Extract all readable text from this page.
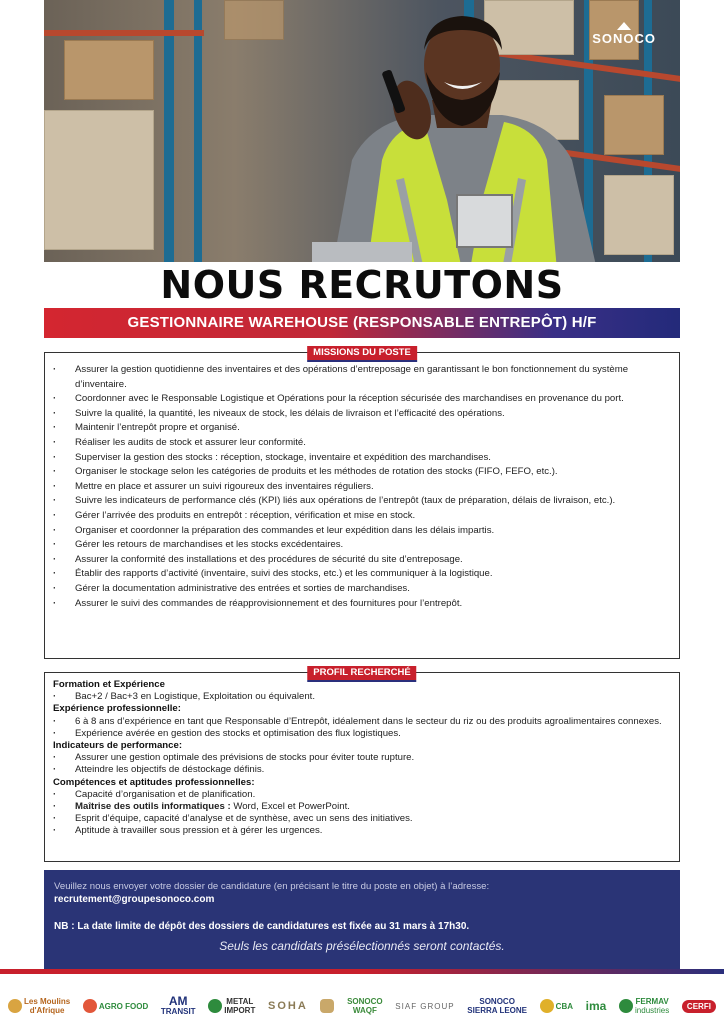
SONOCO
NOUS RECRUTONS
GESTIONNAIRE WAREHOUSE (RESPONSABLE ENTREPÔT) H/F
MISSIONS DU POSTE
· Assurer la gestion quotidienne des inventaires et des opérations d’entreposage en garantissant le bon fonctionnement du système d’inventaire.
· Coordonner avec le Responsable Logistique et Opérations pour la réception sécurisée des marchandises en provenance du port.
· Suivre la qualité, la quantité, les niveaux de stock, les délais de livraison et l’efficacité des opérations.
· Maintenir l’entrepôt propre et organisé.
· Réaliser les audits de stock et assurer leur conformité.
· Superviser la gestion des stocks : réception, stockage, inventaire et expédition des marchandises.
· Organiser le stockage selon les catégories de produits et les méthodes de rotation des stocks (FIFO, FEFO, etc.).
· Mettre en place et assurer un suivi rigoureux des inventaires réguliers.
· Suivre les indicateurs de performance clés (KPI) liés aux opérations de l’entrepôt (taux de préparation, délais de livraison, etc.).
· Gérer l’arrivée des produits en entrepôt : réception, vérification et mise en stock.
· Organiser et coordonner la préparation des commandes et leur expédition dans les délais impartis.
· Gérer les retours de marchandises et les stocks excédentaires.
· Assurer la conformité des installations et des procédures de sécurité du site d’entreposage.
· Établir des rapports d’activité (inventaire, suivi des stocks, etc.) et les communiquer à la logistique.
· Gérer la documentation administrative des entrées et sorties de marchandises.
· Assurer le suivi des commandes de réapprovisionnement et des fournitures pour l’entrepôt.
PROFIL RECHERCHÉ
Formation et Expérience
· Bac+2 / Bac+3 en Logistique, Exploitation ou équivalent.
Expérience professionnelle:
· 6 à 8 ans d’expérience en tant que Responsable d’Entrepôt, idéalement dans le secteur du riz ou des produits agroalimentaires connexes.
· Expérience avérée en gestion des stocks et optimisation des flux logistiques.
Indicateurs de performance:
· Assurer une gestion optimale des prévisions de stocks pour éviter toute rupture.
· Atteindre les objectifs de déstockage définis.
Compétences et aptitudes professionnelles:
· Capacité d’organisation et de planification.
· Maîtrise des outils informatiques : Word, Excel et PowerPoint.
· Esprit d’équipe, capacité d’analyse et de synthèse, avec un sens des initiatives.
· Aptitude à travailler sous pression et à gérer les urgences.
Veuillez nous envoyer votre dossier de candidature (en précisant le titre du poste en objet) à l’adresse:
recrutement@groupesonoco.com
NB : La date limite de dépôt des dossiers de candidatures est fixée au 31 mars à 17h30.
Seuls les candidats présélectionnés seront contactés.
Les Moulins
d'Afrique	AGRO FOOD	AM
TRANSIT
METAL
IMPORT SOHA	SONOCO
WAQF	SIAF GROUP	SONOCO
SIERRA LEONE	CBA ima	FERMAV
industries	CERFI
